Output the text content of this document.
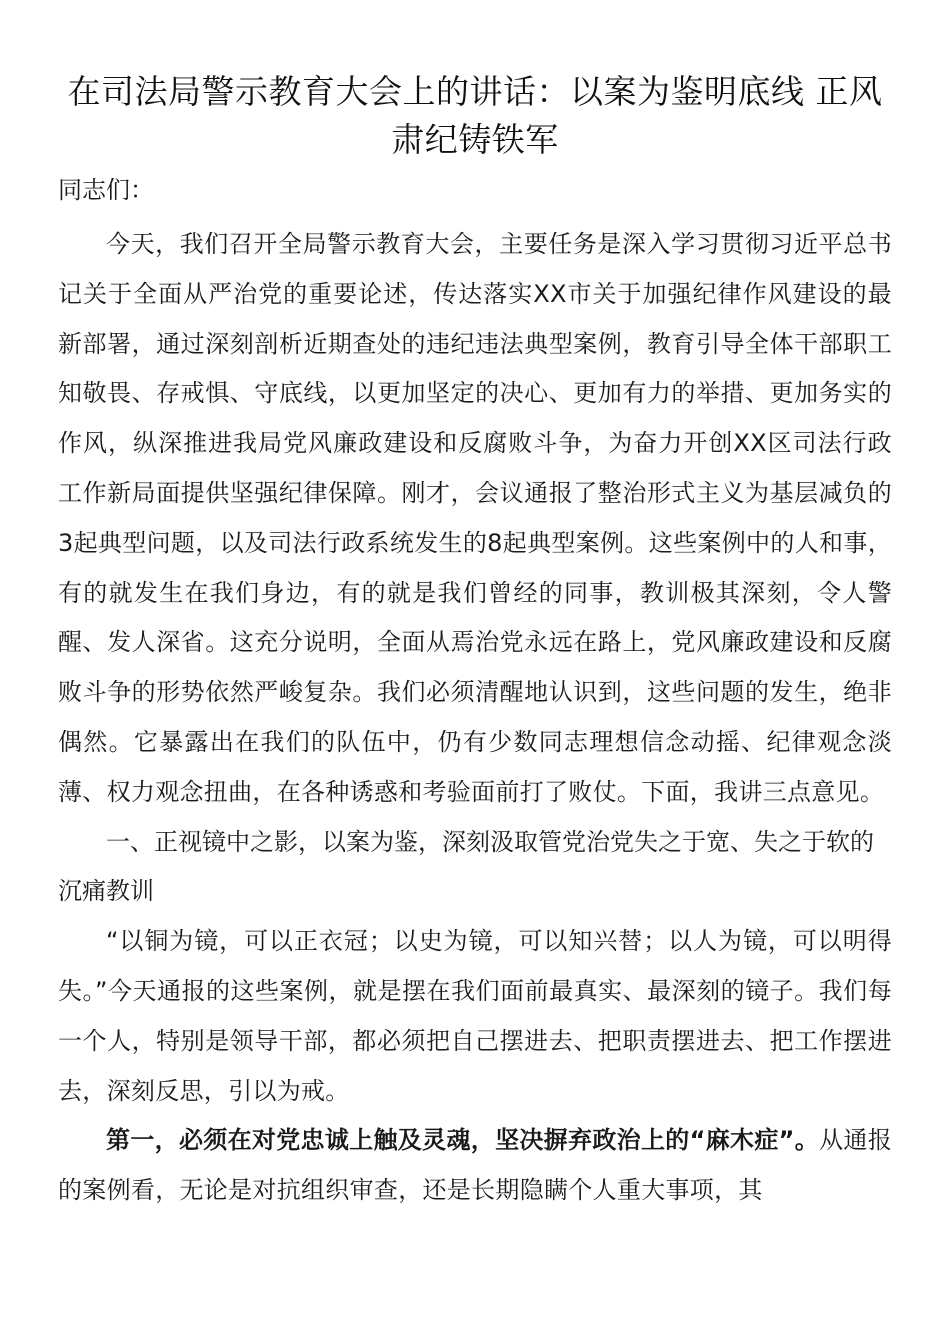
在司法局警示教育大会上的讲话：以案为鉴明底线 正风肃纪铸铁军

同志们：

今天，我们召开全局警示教育大会，主要任务是深入学习贯彻习近平总书记关于全面从严治党的重要论述，传达落实XX市关于加强纪律作风建设的最新部署，通过深刻剖析近期查处的违纪违法典型案例，教育引导全体干部职工知敬畏、存戒惧、守底线，以更加坚定的决心、更加有力的举措、更加务实的作风，纵深推进我局党风廉政建设和反腐败斗争，为奋力开创XX区司法行政工作新局面提供坚强纪律保障。刚才，会议通报了整治形式主义为基层减负的3起典型问题，以及司法行政系统发生的8起典型案例。这些案例中的人和事，有的就发生在我们身边，有的就是我们曾经的同事，教训极其深刻，令人警醒、发人深省。这充分说明，全面从焉治党永远在路上，党风廉政建设和反腐败斗争的形势依然严峻复杂。我们必须清醒地认识到，这些问题的发生，绝非偶然。它暴露出在我们的队伍中，仍有少数同志理想信念动摇、纪律观念淡薄、权力观念扭曲，在各种诱惑和考验面前打了败仗。下面，我讲三点意见。

一、正视镜中之影，以案为鉴，深刻汲取管党治党失之于宽、失之于软的沉痛教训

“以铜为镜，可以正衣冠；以史为镜，可以知兴替；以人为镜，可以明得失。”今天通报的这些案例，就是摆在我们面前最真实、最深刻的镜子。我们每一个人，特别是领导干部，都必须把自己摆进去、把职责摆进去、把工作摆进去，深刻反思，引以为戒。

第一，必须在对党忠诚上触及灵魂，坚决摒弃政治上的“麻木症”。从通报的案例看，无论是对抗组织审查，还是长期隐瞒个人重大事项，其
